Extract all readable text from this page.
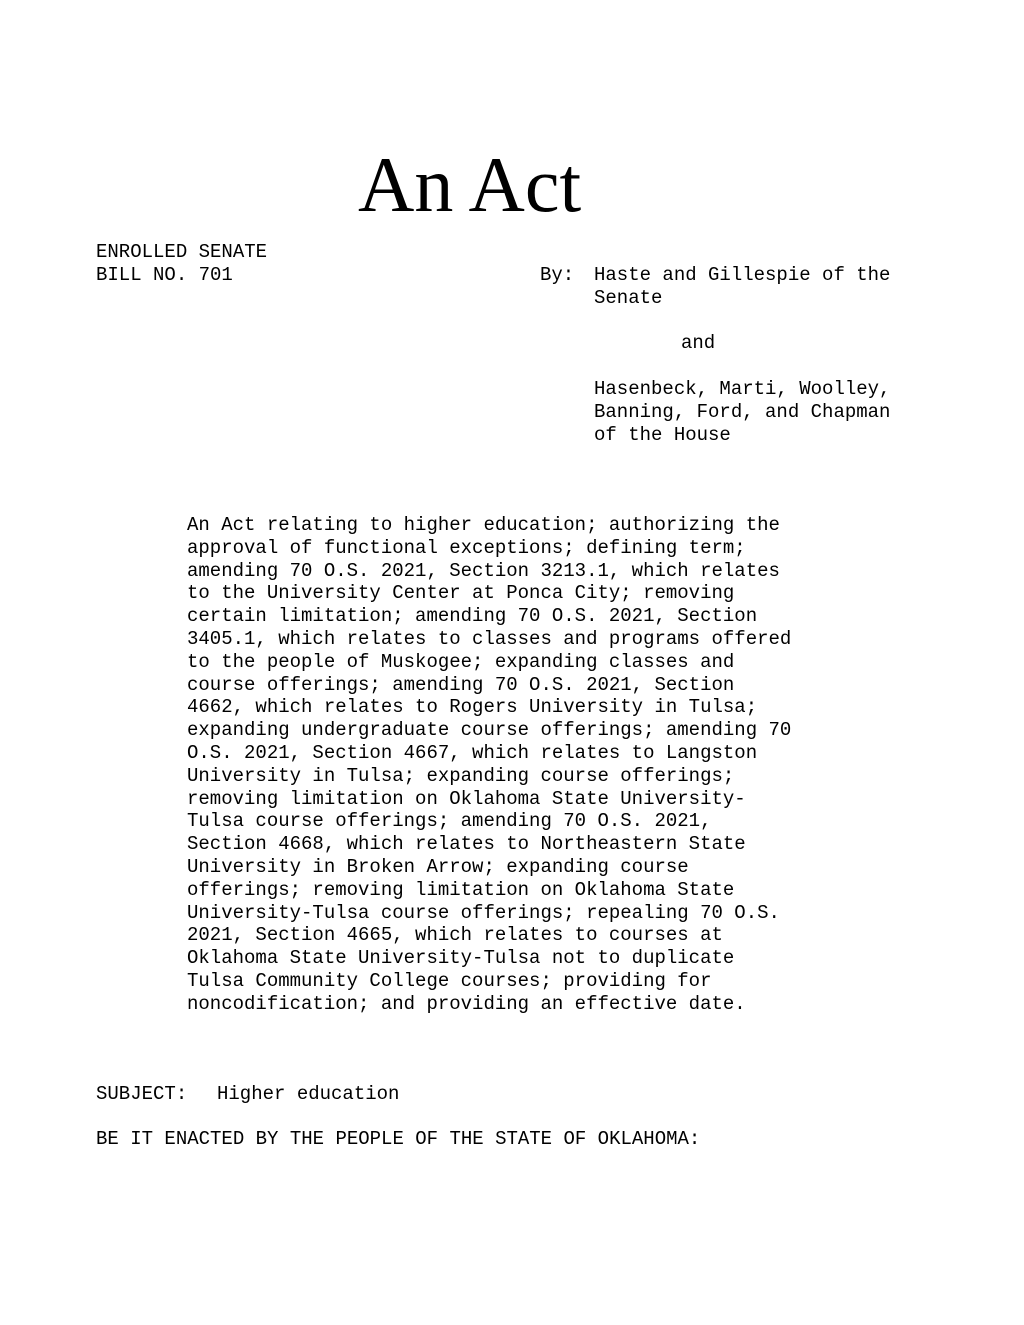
An Act
ENROLLED SENATE
BILL NO. 701	By: Haste and Gillespie of the
Senate
and
Hasenbeck, Marti, Woolley,
Banning, Ford, and Chapman
of the House
An Act relating to higher education; authorizing the
approval of functional exceptions; defining term;
amending 70 O.S. 2021, Section 3213.1, which relates
to the University Center at Ponca City; removing
certain limitation; amending 70 O.S. 2021, Section
3405.1, which relates to classes and programs offered
to the people of Muskogee; expanding classes and
course offerings; amending 70 O.S. 2021, Section
4662, which relates to Rogers University in Tulsa;
expanding undergraduate course offerings; amending 70
O.S. 2021, Section 4667, which relates to Langston
University in Tulsa; expanding course offerings;
removing limitation on Oklahoma State University-
Tulsa course offerings; amending 70 O.S. 2021,
Section 4668, which relates to Northeastern State
University in Broken Arrow; expanding course
offerings; removing limitation on Oklahoma State
University-Tulsa course offerings; repealing 70 O.S.
2021, Section 4665, which relates to courses at
Oklahoma State University-Tulsa not to duplicate
Tulsa Community College courses; providing for
noncodification; and providing an effective date.
SUBJECT: Higher education
BE IT ENACTED BY THE PEOPLE OF THE STATE OF OKLAHOMA:
